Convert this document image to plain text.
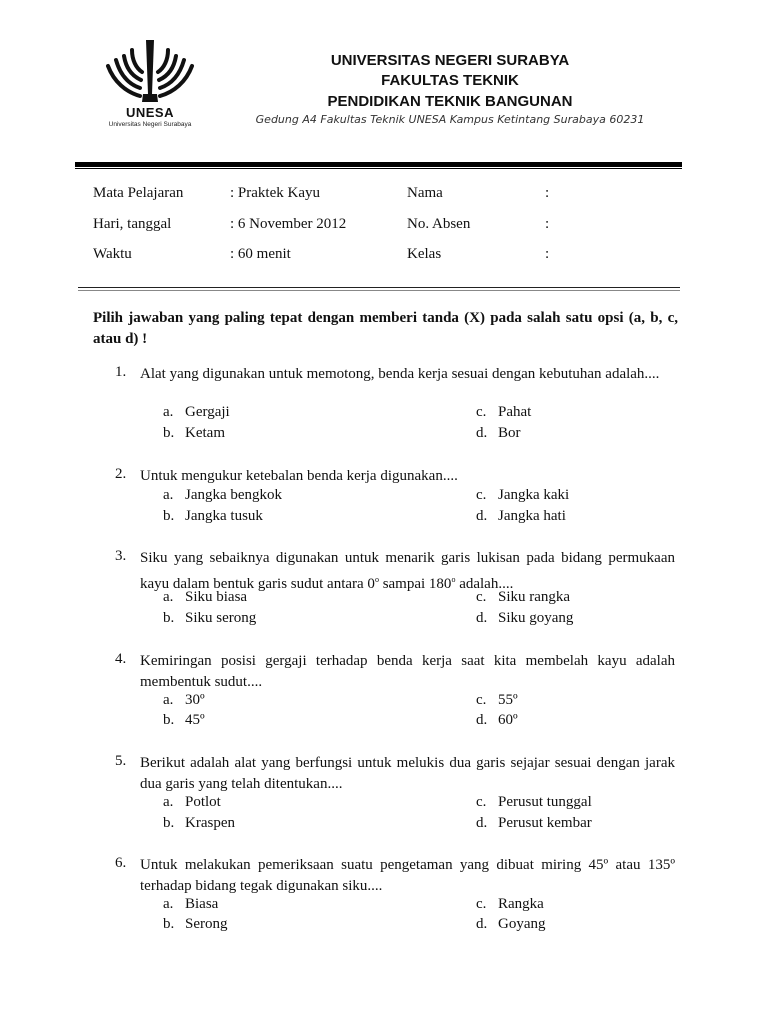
UNESA
Universitas Negeri Surabaya
UNIVERSITAS NEGERI SURABYA
FAKULTAS TEKNIK
PENDIDIKAN TEKNIK BANGUNAN
Gedung A4 Fakultas Teknik UNESA Kampus Ketintang Surabaya 60231
Mata Pelajaran	: Praktek Kayu	Nama	:
Hari, tanggal	: 6 November 2012	No. Absen	:
Waktu	: 60 menit	Kelas	:
Pilih jawaban yang paling tepat dengan memberi tanda (X) pada salah satu opsi (a, b, c, atau d) !
1. Alat yang digunakan untuk memotong, benda kerja sesuai dengan kebutuhan adalah....
a. Gergaji
b. Ketam
c. Pahat
d. Bor
2. Untuk mengukur ketebalan benda kerja digunakan....
a. Jangka bengkok
b. Jangka tusuk
c. Jangka kaki
d. Jangka hati
3. Siku yang sebaiknya digunakan untuk menarik garis lukisan pada bidang permukaan kayu dalam bentuk garis sudut antara 0$^o$ sampai 180$^o$ adalah....
a. Siku biasa
b. Siku serong
c. Siku rangka
d. Siku goyang
4. Kemiringan posisi gergaji terhadap benda kerja saat kita membelah kayu adalah membentuk sudut....
a. 30º
b. 45º
c. 55º
d. 60º
5. Berikut adalah alat yang berfungsi untuk melukis dua garis sejajar sesuai dengan jarak dua garis yang telah ditentukan....
a. Potlot
b. Kraspen
c. Perusut tunggal
d. Perusut kembar
6. Untuk melakukan pemeriksaan suatu pengetaman yang dibuat miring 45º atau 135º terhadap bidang tegak digunakan siku....
a. Biasa
b. Serong
c. Rangka
d. Goyang
